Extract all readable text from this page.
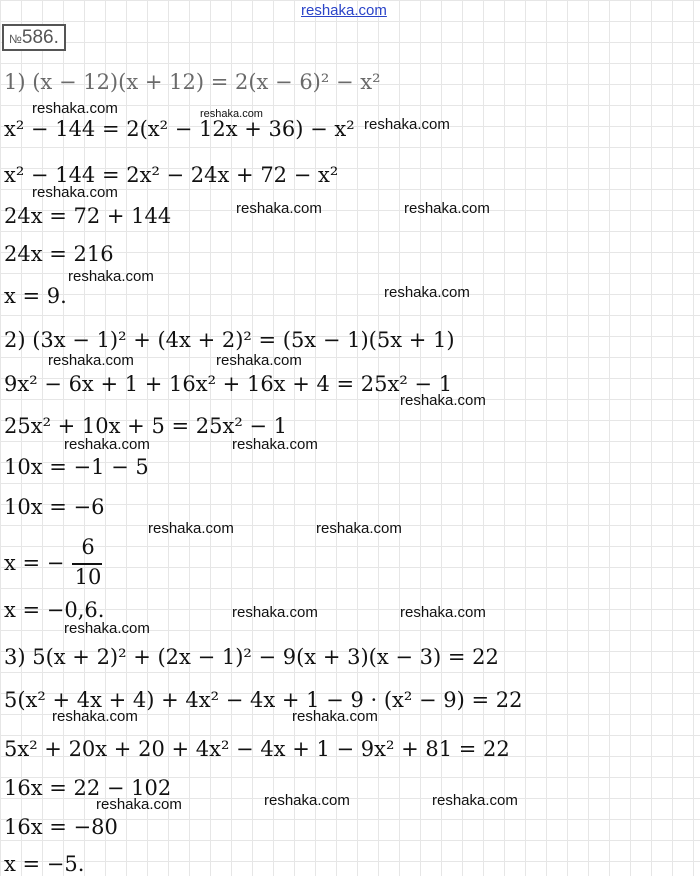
reshaka.com
№586.
1) (x − 12)(x + 12) = 2(x − 6)² − x²
x² − 144 = 2(x² − 12x + 36) − x²
x² − 144 = 2x² − 24x + 72 − x²
24x = 72 + 144
24x = 216
x = 9.
2) (3x − 1)² + (4x + 2)² = (5x − 1)(5x + 1)
9x² − 6x + 1 + 16x² + 16x + 4 = 25x² − 1
25x² + 10x + 5 = 25x² − 1
10x = −1 − 5
10x = −6
x = −
6
10
x = −0,6.
3) 5(x + 2)² + (2x − 1)² − 9(x + 3)(x − 3) = 22
5(x² + 4x + 4) + 4x² − 4x + 1 − 9 · (x² − 9) = 22
5x² + 20x + 20 + 4x² − 4x + 1 − 9x² + 81 = 22
16x = 22 − 102
16x = −80
x = −5.
reshaka.com	reshaka.com
reshaka.com
reshaka.com
reshaka.com	reshaka.com
reshaka.com
reshaka.com
reshaka.com	reshaka.com
reshaka.com
reshaka.com	reshaka.com
reshaka.com	reshaka.com
reshaka.com	reshaka.com
reshaka.com
reshaka.com	reshaka.com
reshaka.com	reshaka.com
reshaka.com
